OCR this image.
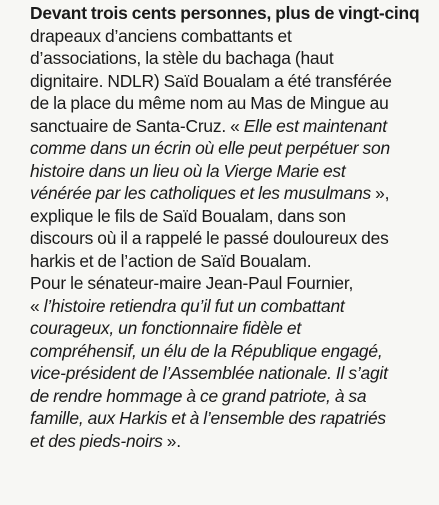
Devant trois cents personnes, plus de vingt-cinq
drapeaux d’anciens combattants et
d’associations, la stèle du bachaga (haut
dignitaire. NDLR) Saïd Boualam a été transférée
de la place du même nom au Mas de Mingue au
sanctuaire de Santa-Cruz. « Elle est maintenant
comme dans un écrin où elle peut perpétuer son
histoire dans un lieu où la Vierge Marie est
vénérée par les catholiques et les musulmans »,
explique le fils de Saïd Boualam, dans son
discours où il a rappelé le passé douloureux des
harkis et de l’action de Saïd Boualam.
Pour le sénateur-maire Jean-Paul Fournier,
« l’histoire retiendra qu’il fut un combattant
courageux, un fonctionnaire fidèle et
compréhensif, un élu de la République engagé,
vice-président de l’Assemblée nationale. Il s’agit
de rendre hommage à ce grand patriote, à sa
famille, aux Harkis et à l’ensemble des rapatriés
et des pieds-noirs ».
